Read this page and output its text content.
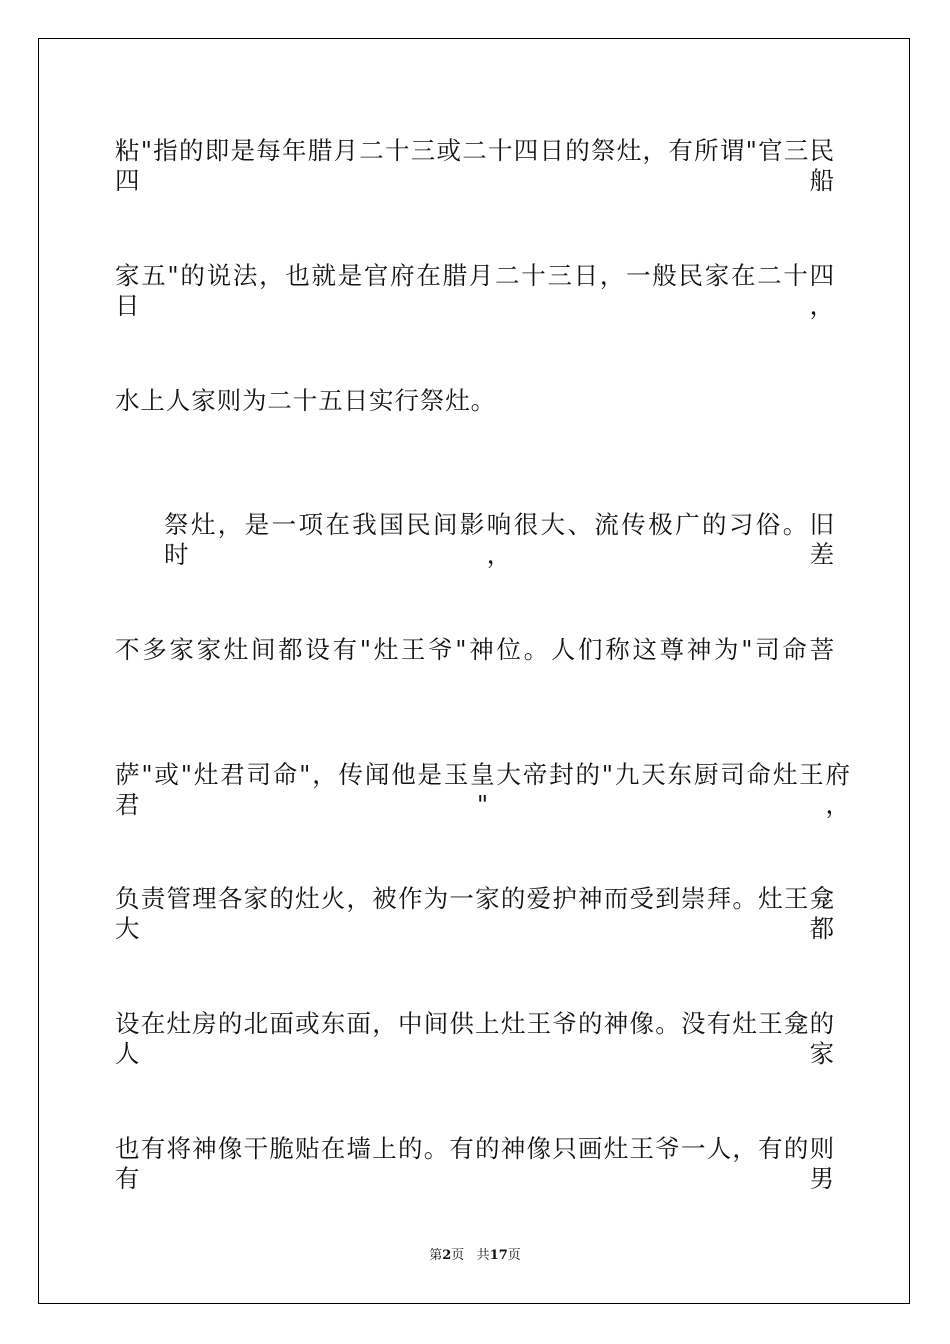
粘"指的即是每年腊月二十三或二十四日的祭灶，有所谓"官三民四船
家五"的说法，也就是官府在腊月二十三日，一般民家在二十四日，
水上人家则为二十五日实行祭灶。
祭灶，是一项在我国民间影响很大、流传极广的习俗。旧时，差
不多家家灶间都设有"灶王爷"神位。人们称这尊神为"司命菩
萨"或"灶君司命"，传闻他是玉皇大帝封的"九天东厨司命灶王府君"，
负责管理各家的灶火，被作为一家的爱护神而受到崇拜。灶王龛大都
设在灶房的北面或东面，中间供上灶王爷的神像。没有灶王龛的人家
也有将神像干脆贴在墙上的。有的神像只画灶王爷一人，有的则有男
第2页 共17页
